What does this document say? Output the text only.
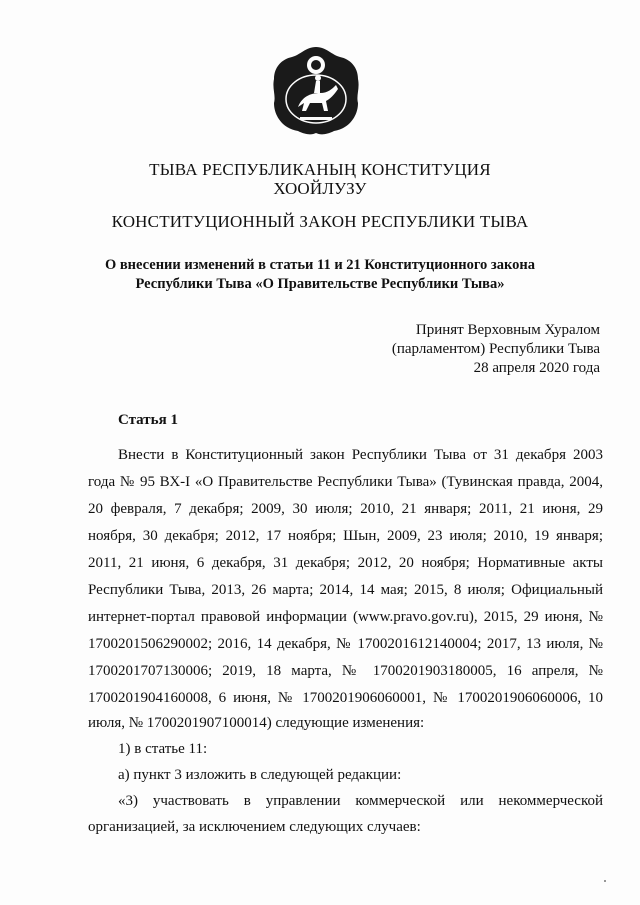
ТЫВА РЕСПУБЛИКАНЫҢ КОНСТИТУЦИЯ
ХООЙЛУЗУ
КОНСТИТУЦИОННЫЙ ЗАКОН РЕСПУБЛИКИ ТЫВА
О внесении изменений в статьи 11 и 21 Конституционного закона
Республики Тыва «О Правительстве Республики Тыва»
Принят Верховным Хуралом
(парламентом) Республики Тыва
28 апреля 2020 года
Статья 1
Внести в Конституционный закон Республики Тыва от 31 декабря 2003
года № 95 ВХ-I «О Правительстве Республики Тыва» (Тувинская правда, 2004,
20 февраля, 7 декабря; 2009, 30 июля; 2010, 21 января; 2011, 21 июня, 29
ноября, 30 декабря; 2012, 17 ноября; Шын, 2009, 23 июля; 2010, 19 января;
2011, 21 июня, 6 декабря, 31 декабря; 2012, 20 ноября; Нормативные акты
Республики Тыва, 2013, 26 марта; 2014, 14 мая; 2015, 8 июля; Официальный
интернет-портал правовой информации (www.pravo.gov.ru), 2015, 29 июня, №
1700201506290002; 2016, 14 декабря, № 1700201612140004; 2017, 13 июля, №
1700201707130006; 2019, 18 марта, № 1700201903180005, 16 апреля, №
1700201904160008, 6 июня, № 1700201906060001, № 1700201906060006, 10
июля, № 1700201907100014) следующие изменения:
1) в статье 11:
а) пункт 3 изложить в следующей редакции:
«3) участвовать в управлении коммерческой или некоммерческой
организацией, за исключением следующих случаев:
